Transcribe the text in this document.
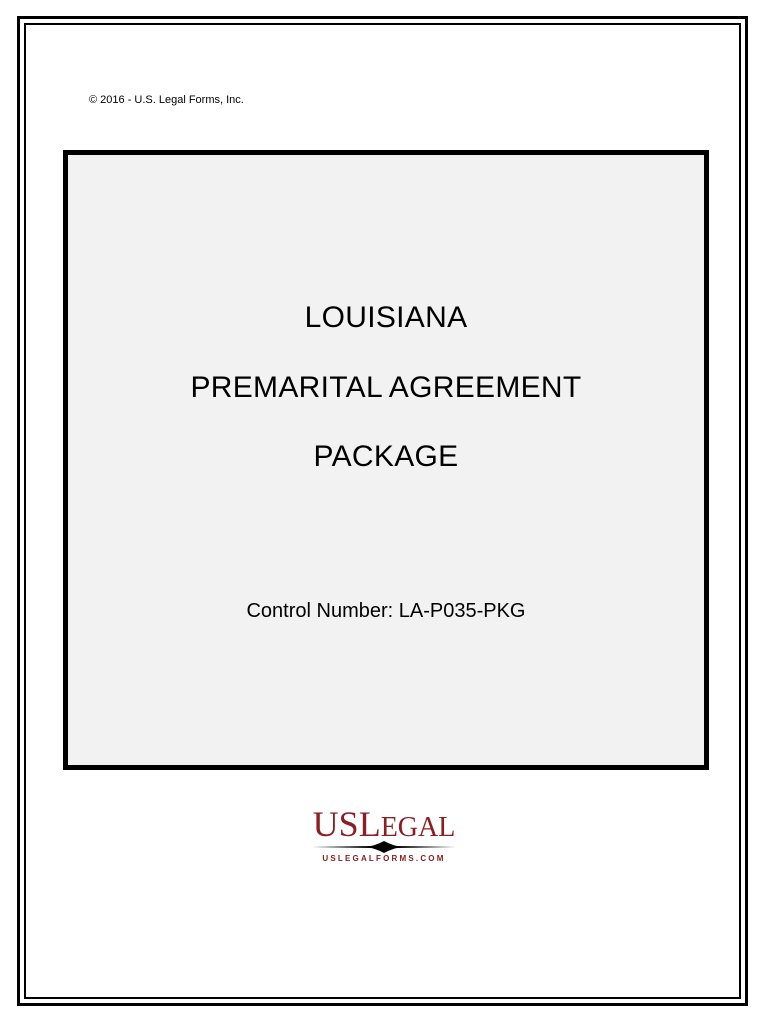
© 2016 - U.S. Legal Forms, Inc.
LOUISIANA
PREMARITAL AGREEMENT
PACKAGE
Control Number: LA-P035-PKG
USLEGAL
USLEGALFORMS.COM
